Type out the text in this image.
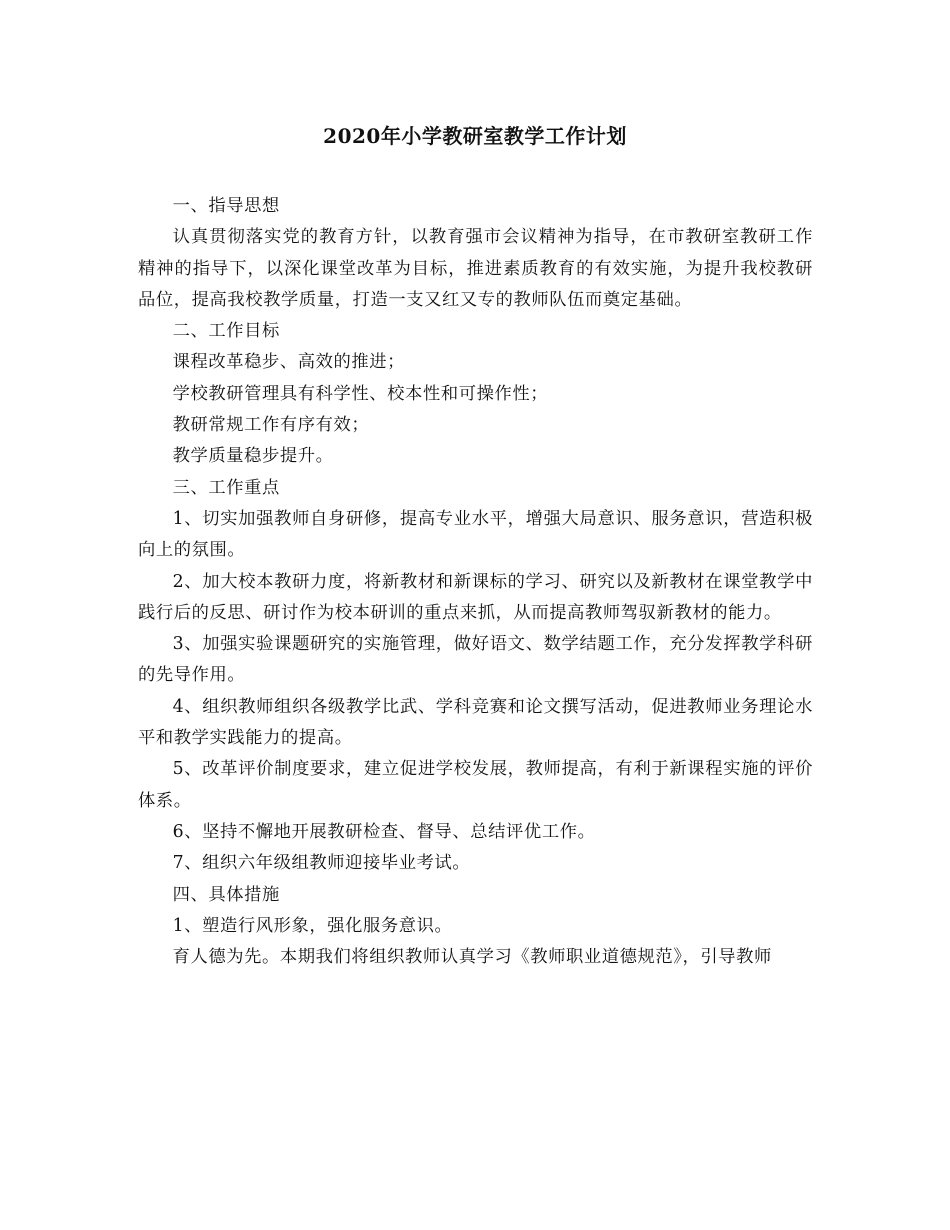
2020年小学教研室教学工作计划

一、指导思想

认真贯彻落实党的教育方针，以教育强市会议精神为指导，在市教研室教研工作精神的指导下，以深化课堂改革为目标，推进素质教育的有效实施，为提升我校教研品位，提高我校教学质量，打造一支又红又专的教师队伍而奠定基础。

二、工作目标

课程改革稳步、高效的推进；

学校教研管理具有科学性、校本性和可操作性；

教研常规工作有序有效；

教学质量稳步提升。

三、工作重点

1、切实加强教师自身研修，提高专业水平，增强大局意识、服务意识，营造积极向上的氛围。

2、加大校本教研力度，将新教材和新课标的学习、研究以及新教材在课堂教学中践行后的反思、研讨作为校本研训的重点来抓，从而提高教师驾驭新教材的能力。

3、加强实验课题研究的实施管理，做好语文、数学结题工作，充分发挥教学科研的先导作用。

4、组织教师组织各级教学比武、学科竞赛和论文撰写活动，促进教师业务理论水平和教学实践能力的提高。

5、改革评价制度要求，建立促进学校发展，教师提高，有利于新课程实施的评价体系。

6、坚持不懈地开展教研检查、督导、总结评优工作。

7、组织六年级组教师迎接毕业考试。

四、具体措施

1、塑造行风形象，强化服务意识。

育人德为先。本期我们将组织教师认真学习《教师职业道德规范》，引导教师
